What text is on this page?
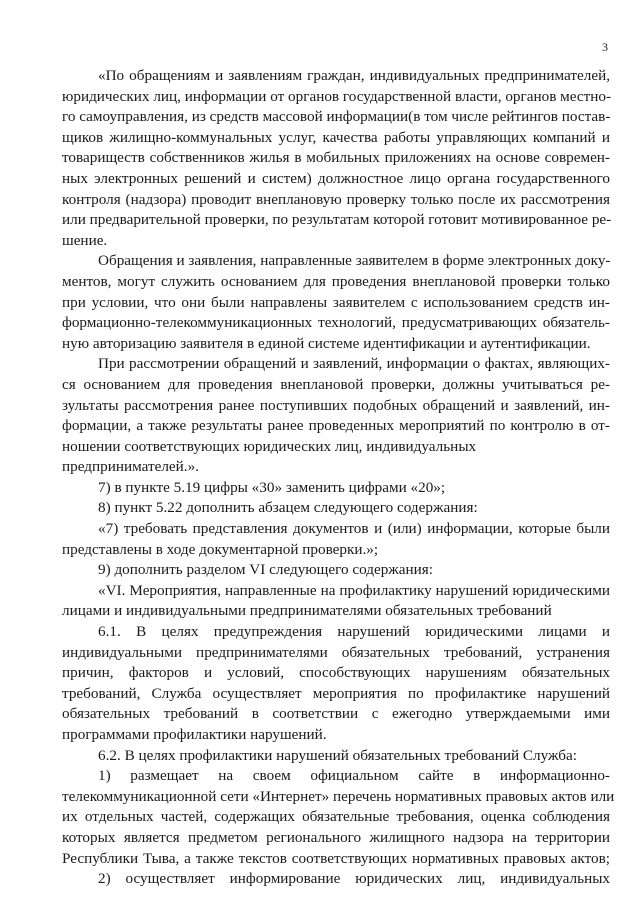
3
«По обращениям и заявлениям граждан, индивидуальных предпринимателей,
юридических лиц, информации от органов государственной власти, органов местно-
го самоуправления, из средств массовой информации(в том числе рейтингов постав-
щиков жилищно-коммунальных услуг, качества работы управляющих компаний и
товариществ собственников жилья в мобильных приложениях на основе современ-
ных электронных решений и систем) должностное лицо органа государственного
контроля (надзора) проводит внеплановую проверку только после их рассмотрения
или предварительной проверки, по результатам которой готовит мотивированное ре-
шение.
Обращения и заявления, направленные заявителем в форме электронных доку-
ментов, могут служить основанием для проведения внеплановой проверки только
при условии, что они были направлены заявителем с использованием средств ин-
формационно-телекоммуникационных технологий, предусматривающих обязатель-
ную авторизацию заявителя в единой системе идентификации и аутентификации.
При рассмотрении обращений и заявлений, информации о фактах, являющих-
ся основанием для проведения внеплановой проверки, должны учитываться ре-
зультаты рассмотрения ранее поступивших подобных обращений и заявлений, ин-
формации, а также результаты ранее проведенных мероприятий по контролю в от-
ношении соответствующих юридических лиц, индивидуальных
предпринимателей.».
7) в пункте 5.19 цифры «30» заменить цифрами «20»;
8) пункт 5.22 дополнить абзацем следующего содержания:
«7) требовать представления документов и (или) информации, которые были
представлены в ходе документарной проверки.»;
9) дополнить разделом VI следующего содержания:
«VI. Мероприятия, направленные на профилактику нарушений юридическими
лицами и индивидуальными предпринимателями обязательных требований
6.1. В целях предупреждения нарушений юридическими лицами и
индивидуальными предпринимателями обязательных требований, устранения
причин, факторов и условий, способствующих нарушениям обязательных
требований, Служба осуществляет мероприятия по профилактике нарушений
обязательных требований в соответствии с ежегодно утверждаемыми ими
программами профилактики нарушений.
6.2. В целях профилактики нарушений обязательных требований Служба:
1) размещает на своем официальном сайте в информационно-
телекоммуникационной сети «Интернет» перечень нормативных правовых актов или
их отдельных частей, содержащих обязательные требования, оценка соблюдения
которых является предметом регионального жилищного надзора на территории
Республики Тыва, а также текстов соответствующих нормативных правовых актов;
2) осуществляет информирование юридических лиц, индивидуальных
